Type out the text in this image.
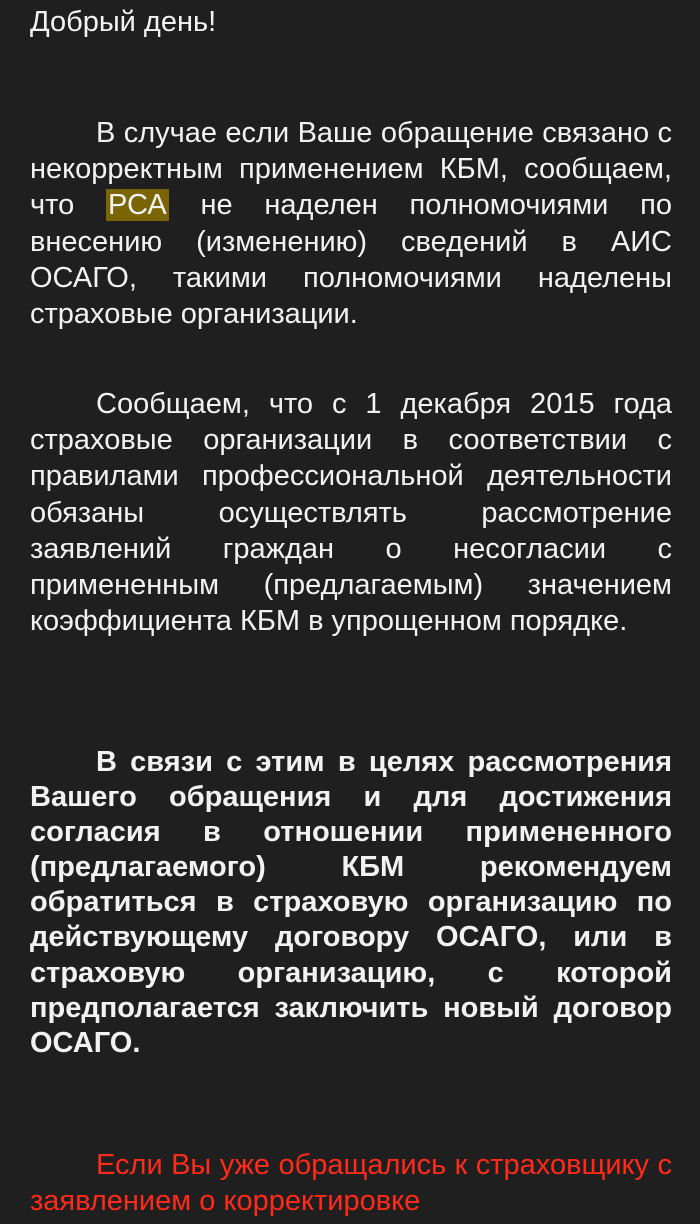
Добрый день!

В случае если Ваше обращение связано с некорректным применением КБМ, сообщаем, что РСА не наделен полномочиями по внесению (изменению) сведений в АИС ОСАГО, такими полномочиями наделены страховые организации.

Сообщаем, что с 1 декабря 2015 года страховые организации в соответствии с правилами профессиональной деятельности обязаны осуществлять рассмотрение заявлений граждан о несогласии с примененным (предлагаемым) значением коэффициента КБМ в упрощенном порядке.

В связи с этим в целях рассмотрения Вашего обращения и для достижения согласия в отношении примененного (предлагаемого) КБМ рекомендуем обратиться в страховую организацию по действующему договору ОСАГО, или в страховую организацию, с которой предполагается заключить новый договор ОСАГО.

Если Вы уже обращались к страховщику с заявлением о корректировке
